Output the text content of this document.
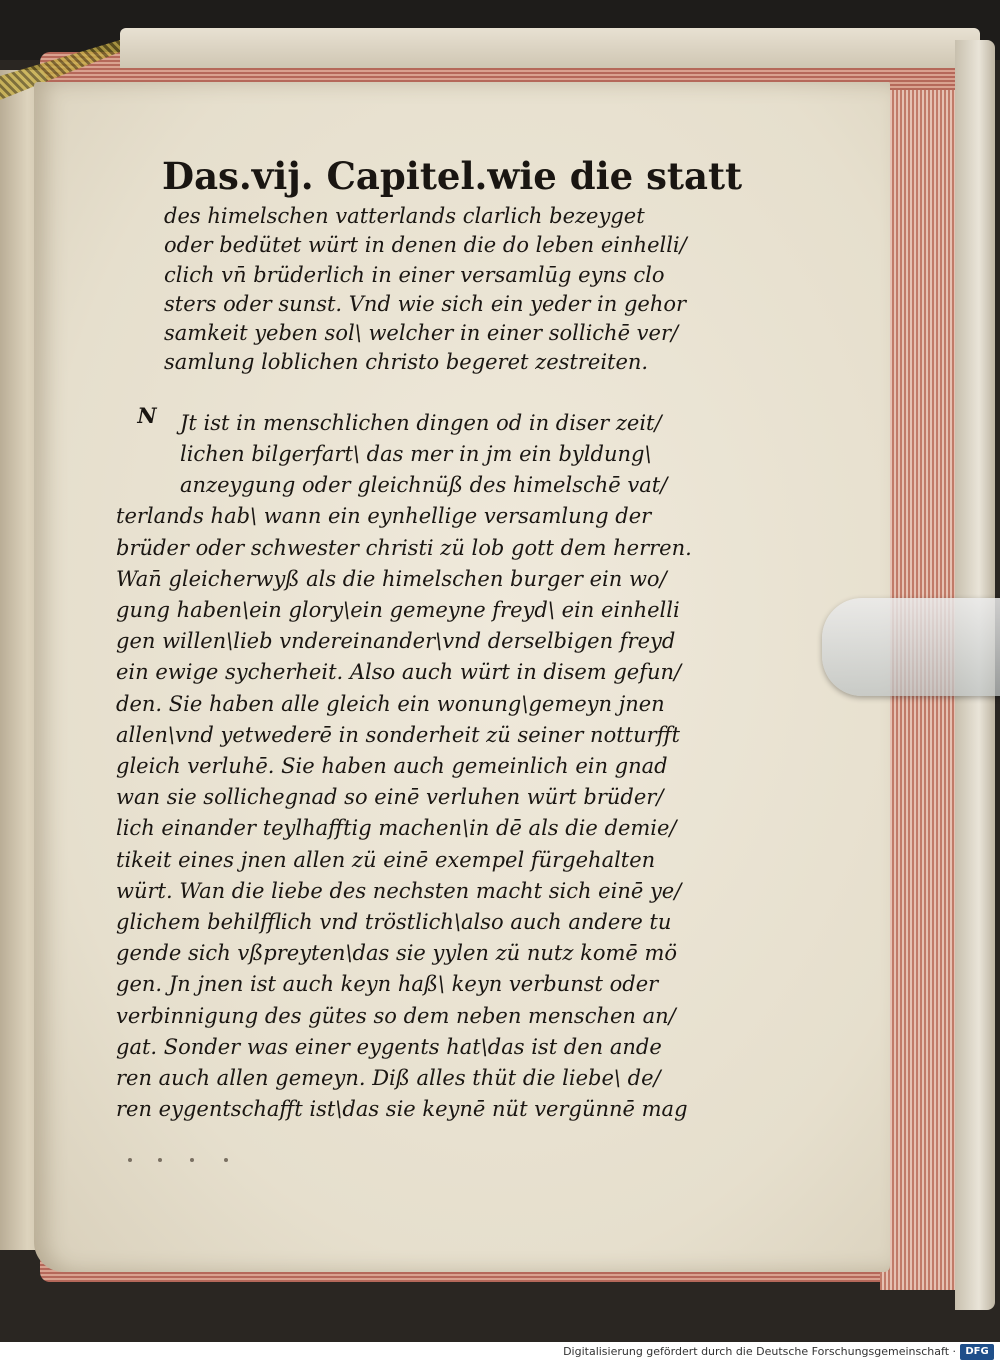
Das.vij. Capitel.wie die statt
des himelschen vatterlands clarlich bezeyget
oder bedütet würt in denen die do leben einhelli/
clich vn̄ brüderlich in einer versamlūg eyns clo
sters oder sunst. Vnd wie sich ein yeder in gehor
samkeit yeben sol\ welcher in einer sollichē ver/
samlung loblichen christo begeret zestreiten.
N	Jt ist in menschlichen dingen od in diser zeit/
lichen bilgerfart\ das mer in jm ein byldung\
anzeygung oder gleichnüß des himelschē vat/
terlands hab\ wann ein eynhellige versamlung der
brüder oder schwester christi zü lob gott dem herren.
Wan̄ gleicherwyß als die himelschen burger ein wo/
gung haben\ein glory\ein gemeyne freyd\ ein einhelli
gen willen\lieb vndereinander\vnd derselbigen freyd
ein ewige sycherheit. Also auch würt in disem gefun/
den. Sie haben alle gleich ein wonung\gemeyn jnen
allen\vnd yetwederē in sonderheit zü seiner notturfft
gleich verluhē. Sie haben auch gemeinlich ein gnad
wan sie sollichegnad so einē verluhen würt brüder/
lich einander teylhafftig machen\in dē als die demie/
tikeit eines jnen allen zü einē exempel fürgehalten
würt. Wan die liebe des nechsten macht sich einē ye/
glichem behilfflich vnd tröstlich\also auch andere tu
gende sich vßpreyten\das sie yylen zü nutz komē mö
gen. Jn jnen ist auch keyn haß\ keyn verbunst oder
verbinnigung des gütes so dem neben menschen an/
gat. Sonder was einer eygents hat\das ist den ande
ren auch allen gemeyn. Diß alles thüt die liebe\ de/
ren eygentschafft ist\das sie keynē nüt vergünnē mag
Digitalisierung gefördert durch die Deutsche Forschungsgemeinschaft · DFG
